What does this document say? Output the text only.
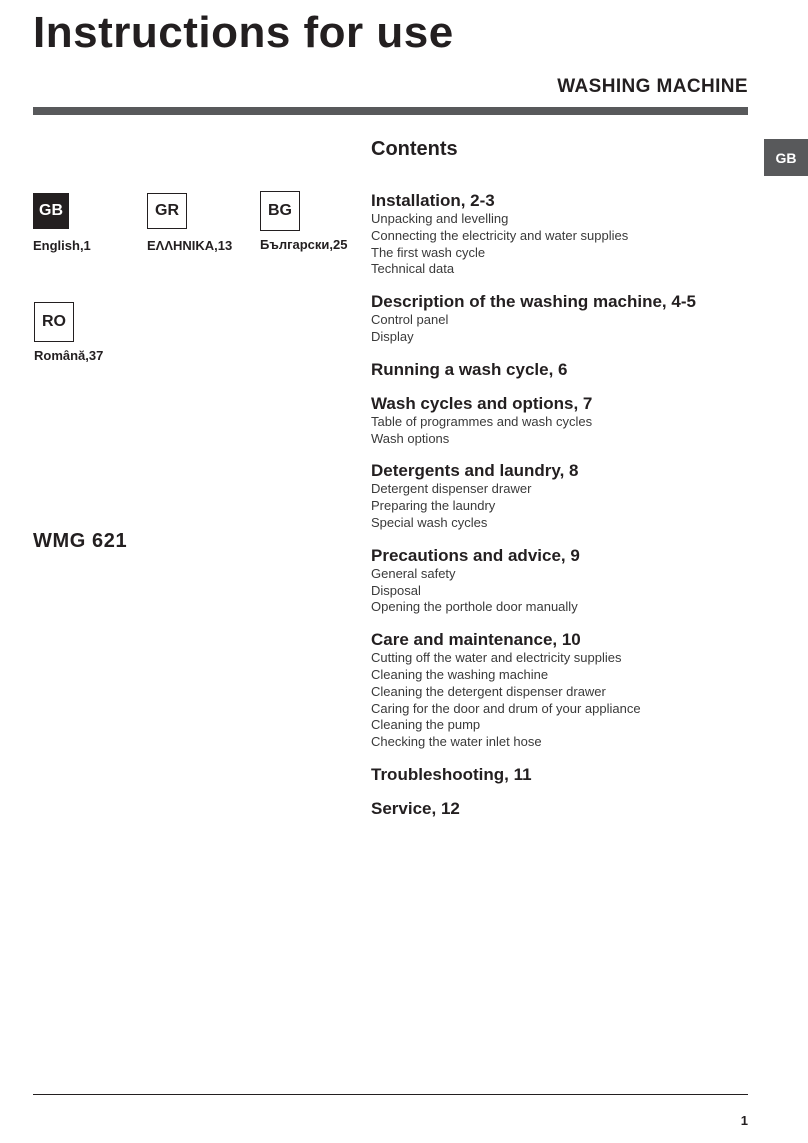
Instructions for use
WASHING MACHINE
GB
Contents
GB
English,1
GR
ΕΛΛΗΝΙΚΑ,13
BG
Български,25
RO
Română,37
WMG 621
Installation, 2-3
Unpacking and levelling
Connecting the electricity and water supplies
The first wash cycle
Technical data
Description of the washing machine, 4-5
Control panel
Display
Running a wash cycle, 6
Wash cycles and options, 7
Table of programmes and wash cycles
Wash options
Detergents and laundry, 8
Detergent dispenser drawer
Preparing the laundry
Special wash cycles
Precautions and advice, 9
General safety
Disposal
Opening the porthole door manually
Care and maintenance, 10
Cutting off the water and electricity supplies
Cleaning the washing machine
Cleaning the detergent dispenser drawer
Caring for the door and drum of your appliance
Cleaning the pump
Checking the water inlet hose
Troubleshooting, 11
Service, 12
1
